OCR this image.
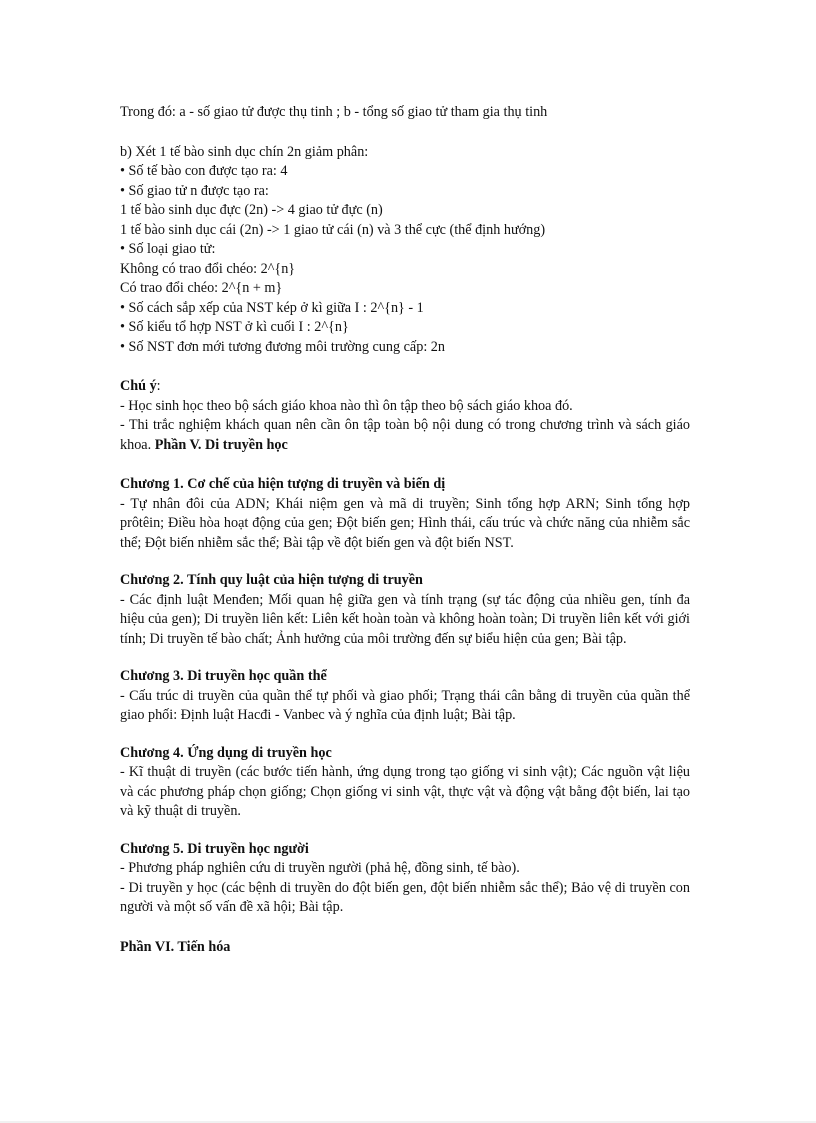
Trong đó: a - số giao tử được thụ tinh ; b - tổng số giao tử tham gia thụ tinh
b) Xét 1 tế bào sinh dục chín 2n giảm phân:
• Số tế bào con được tạo ra: 4
• Số giao tử n được tạo ra:
1 tế bào sinh dục đực (2n) -> 4 giao tử đực (n)
1 tế bào sinh dục cái (2n) -> 1 giao tử cái (n) và 3 thể cực (thể định hướng)
• Số loại giao tử:
Không có trao đổi chéo: 2^{n}
Có trao đổi chéo: 2^{n + m}
• Số cách sắp xếp của NST kép ở kì giữa I : 2^{n} - 1
• Số kiểu tổ hợp NST ở kì cuối I : 2^{n}
• Số NST đơn mới tương đương môi trường cung cấp: 2n
Chú ý:
- Học sinh học theo bộ sách giáo khoa nào thì ôn tập theo bộ sách giáo khoa đó.
- Thi trắc nghiệm khách quan nên cần ôn tập toàn bộ nội dung có trong chương trình và sách giáo khoa. Phần V. Di truyền học
Chương 1. Cơ chế của hiện tượng di truyền và biến dị
- Tự nhân đôi của ADN; Khái niệm gen và mã di truyền; Sinh tổng hợp ARN; Sinh tổng hợp prôtêin; Điều hòa hoạt động của gen; Đột biến gen; Hình thái, cấu trúc và chức năng của nhiễm sắc thể; Đột biến nhiễm sắc thể; Bài tập về đột biến gen và đột biến NST.
Chương 2. Tính quy luật của hiện tượng di truyền
- Các định luật Menđen; Mối quan hệ giữa gen và tính trạng (sự tác động của nhiều gen, tính đa hiệu của gen); Di truyền liên kết: Liên kết hoàn toàn và không hoàn toàn; Di truyền liên kết với giới tính; Di truyền tế bào chất; Ảnh hưởng của môi trường đến sự biểu hiện của gen; Bài tập.
Chương 3. Di truyền học quần thể
- Cấu trúc di truyền của quần thể tự phối và giao phối; Trạng thái cân bằng di truyền của quần thể giao phối: Định luật Hacđi - Vanbec và ý nghĩa của định luật; Bài tập.
Chương 4. Ứng dụng di truyền học
- Kĩ thuật di truyền (các bước tiến hành, ứng dụng trong tạo giống vi sinh vật); Các nguồn vật liệu và các phương pháp chọn giống; Chọn giống vi sinh vật, thực vật và động vật bằng đột biến, lai tạo và kỹ thuật di truyền.
Chương 5. Di truyền học người
- Phương pháp nghiên cứu di truyền người (phả hệ, đồng sinh, tế bào).
- Di truyền y học (các bệnh di truyền do đột biến gen, đột biến nhiễm sắc thể); Bảo vệ di truyền con người và một số vấn đề xã hội; Bài tập.
Phần VI. Tiến hóa
